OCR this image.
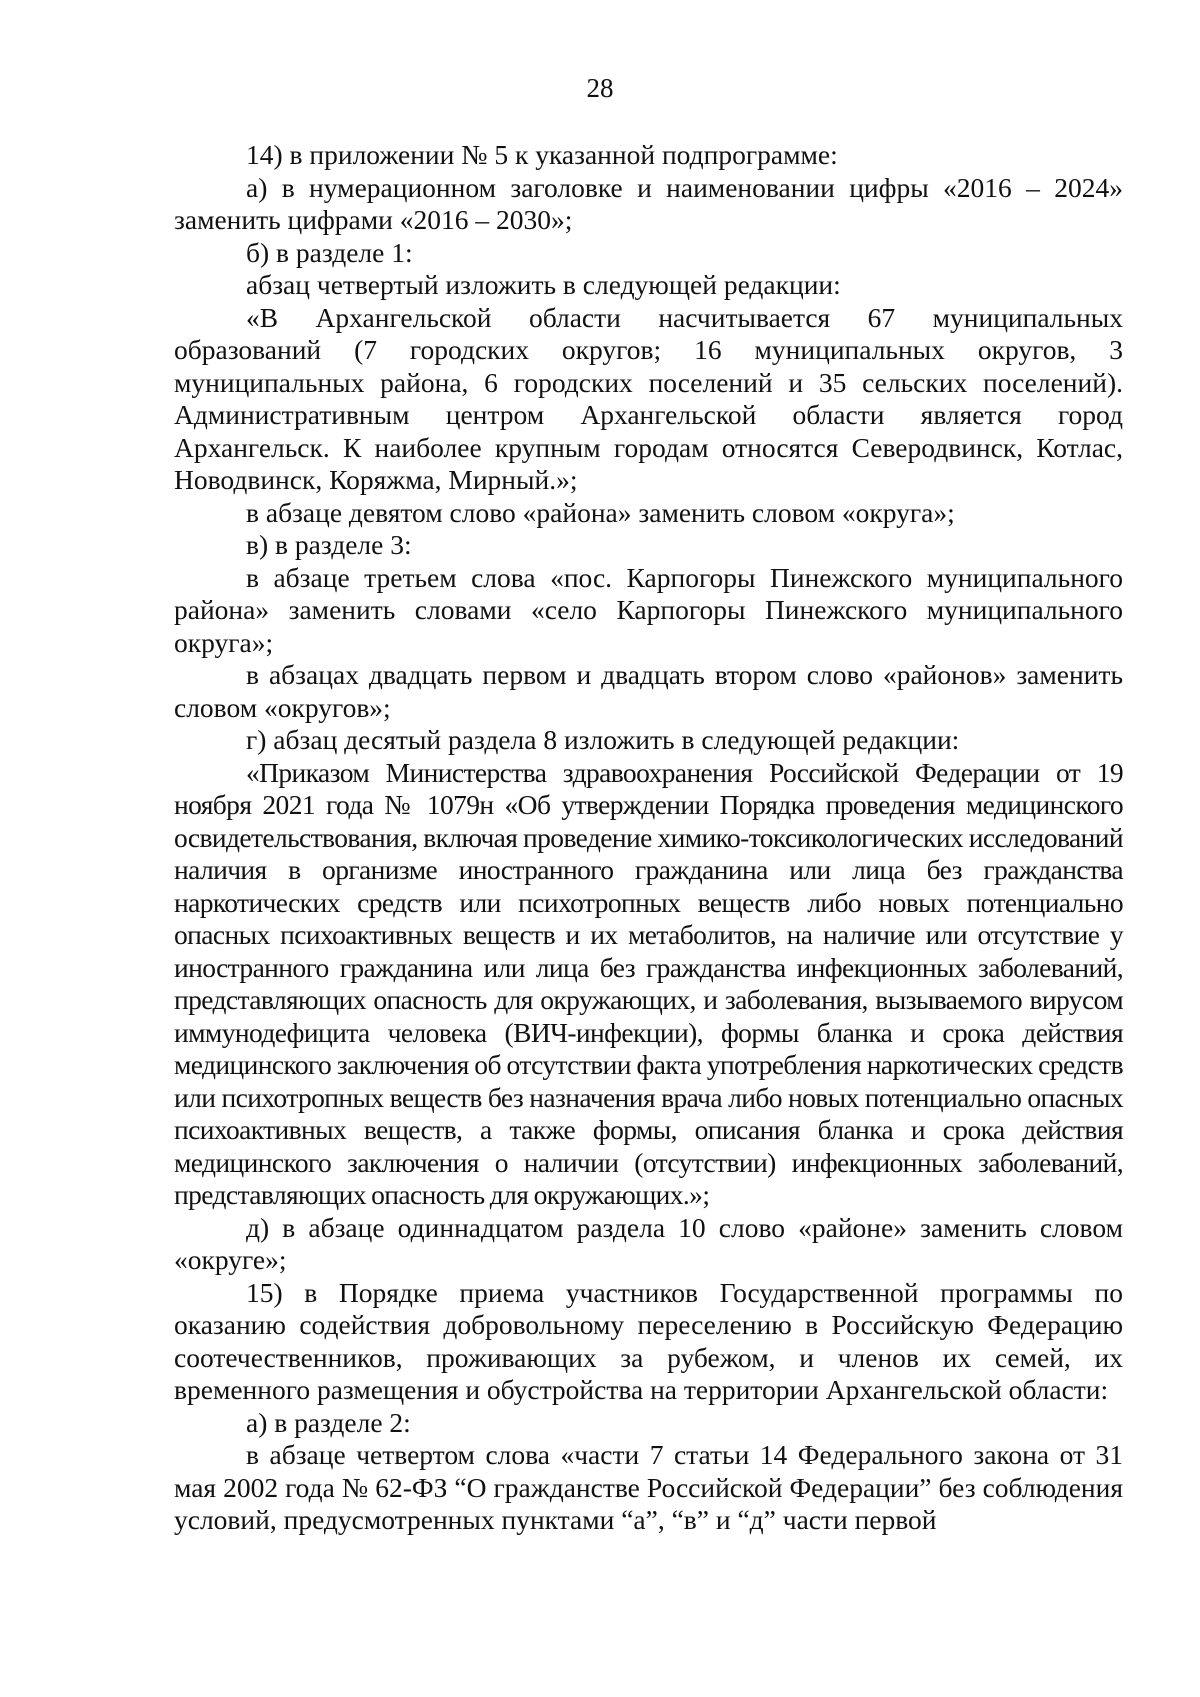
28

14) в приложении № 5 к указанной подпрограмме:

а) в нумерационном заголовке и наименовании цифры «2016 – 2024» заменить цифрами «2016 – 2030»;

б) в разделе 1:

абзац четвертый изложить в следующей редакции:

«В Архангельской области насчитывается 67 муниципальных образований (7 городских округов; 16 муниципальных округов, 3 муниципальных района, 6 городских поселений и 35 сельских поселений). Административным центром Архангельской области является город Архангельск. К наиболее крупным городам относятся Северодвинск, Котлас, Новодвинск, Коряжма, Мирный.»;

в абзаце девятом слово «района» заменить словом «округа»;

в) в разделе 3:

в абзаце третьем слова «пос. Карпогоры Пинежского муниципального района» заменить словами «село Карпогоры Пинежского муниципального округа»;

в абзацах двадцать первом и двадцать втором слово «районов» заменить словом «округов»;

г) абзац десятый раздела 8 изложить в следующей редакции:

«Приказом Министерства здравоохранения Российской Федерации от 19 ноября 2021 года № 1079н «Об утверждении Порядка проведения медицинского освидетельствования, включая проведение химико-токсикологических исследований наличия в организме иностранного гражданина или лица без гражданства наркотических средств или психотропных веществ либо новых потенциально опасных психоактивных веществ и их метаболитов, на наличие или отсутствие у иностранного гражданина или лица без гражданства инфекционных заболеваний, представляющих опасность для окружающих, и заболевания, вызываемого вирусом иммунодефицита человека (ВИЧ-инфекции), формы бланка и срока действия медицинского заключения об отсутствии факта употребления наркотических средств или психотропных веществ без назначения врача либо новых потенциально опасных психоактивных веществ, а также формы, описания бланка и срока действия медицинского заключения о наличии (отсутствии) инфекционных заболеваний, представляющих опасность для окружающих.»;

д) в абзаце одиннадцатом раздела 10 слово «районе» заменить словом «округе»;

15) в Порядке приема участников Государственной программы по оказанию содействия добровольному переселению в Российскую Федерацию соотечественников, проживающих за рубежом, и членов их семей, их временного размещения и обустройства на территории Архангельской области:

а) в разделе 2:

в абзаце четвертом слова «части 7 статьи 14 Федерального закона от 31 мая 2002 года № 62-ФЗ “О гражданстве Российской Федерации” без соблюдения условий, предусмотренных пунктами “а”, “в” и “д” части первой
